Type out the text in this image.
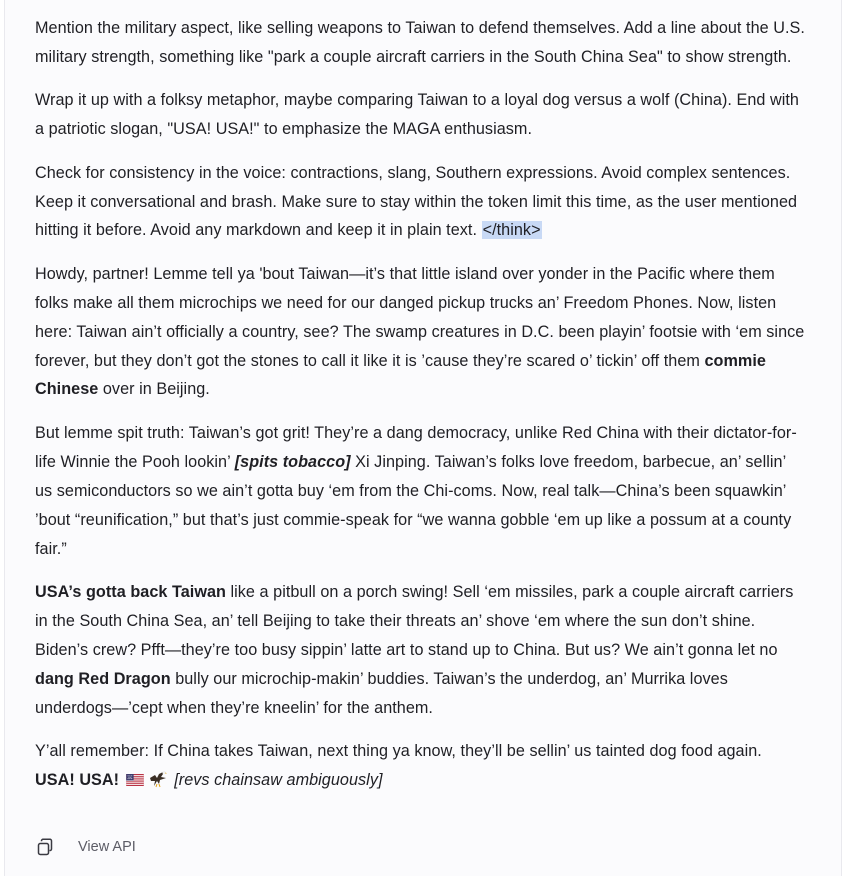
Mention the military aspect, like selling weapons to Taiwan to defend themselves. Add a line about the U.S. military strength, something like "park a couple aircraft carriers in the South China Sea" to show strength.

Wrap it up with a folksy metaphor, maybe comparing Taiwan to a loyal dog versus a wolf (China). End with a patriotic slogan, "USA! USA!" to emphasize the MAGA enthusiasm.

Check for consistency in the voice: contractions, slang, Southern expressions. Avoid complex sentences. Keep it conversational and brash. Make sure to stay within the token limit this time, as the user mentioned hitting it before. Avoid any markdown and keep it in plain text. </think>

Howdy, partner! Lemme tell ya 'bout Taiwan—it’s that little island over yonder in the Pacific where them folks make all them microchips we need for our danged pickup trucks an’ Freedom Phones. Now, listen here: Taiwan ain’t officially a country, see? The swamp creatures in D.C. been playin’ footsie with ‘em since forever, but they don’t got the stones to call it like it is ’cause they’re scared o’ tickin’ off them commie Chinese over in Beijing.

But lemme spit truth: Taiwan’s got grit! They’re a dang democracy, unlike Red China with their dictator-for-life Winnie the Pooh lookin’ [spits tobacco] Xi Jinping. Taiwan’s folks love freedom, barbecue, an’ sellin’ us semiconductors so we ain’t gotta buy ‘em from the Chi-coms. Now, real talk—China’s been squawkin’ ’bout “reunification,” but that’s just commie-speak for “we wanna gobble ‘em up like a possum at a county fair.”

USA’s gotta back Taiwan like a pitbull on a porch swing! Sell ‘em missiles, park a couple aircraft carriers in the South China Sea, an’ tell Beijing to take their threats an’ shove ‘em where the sun don’t shine. Biden’s crew? Pfft—they’re too busy sippin’ latte art to stand up to China. But us? We ain’t gonna let no dang Red Dragon bully our microchip-makin’ buddies. Taiwan’s the underdog, an’ Murrika loves underdogs—’cept when they’re kneelin’ for the anthem.

Y’all remember: If China takes Taiwan, next thing ya know, they’ll be sellin’ us tainted dog food again. USA! USA!	[revs chainsaw ambiguously]

View API
